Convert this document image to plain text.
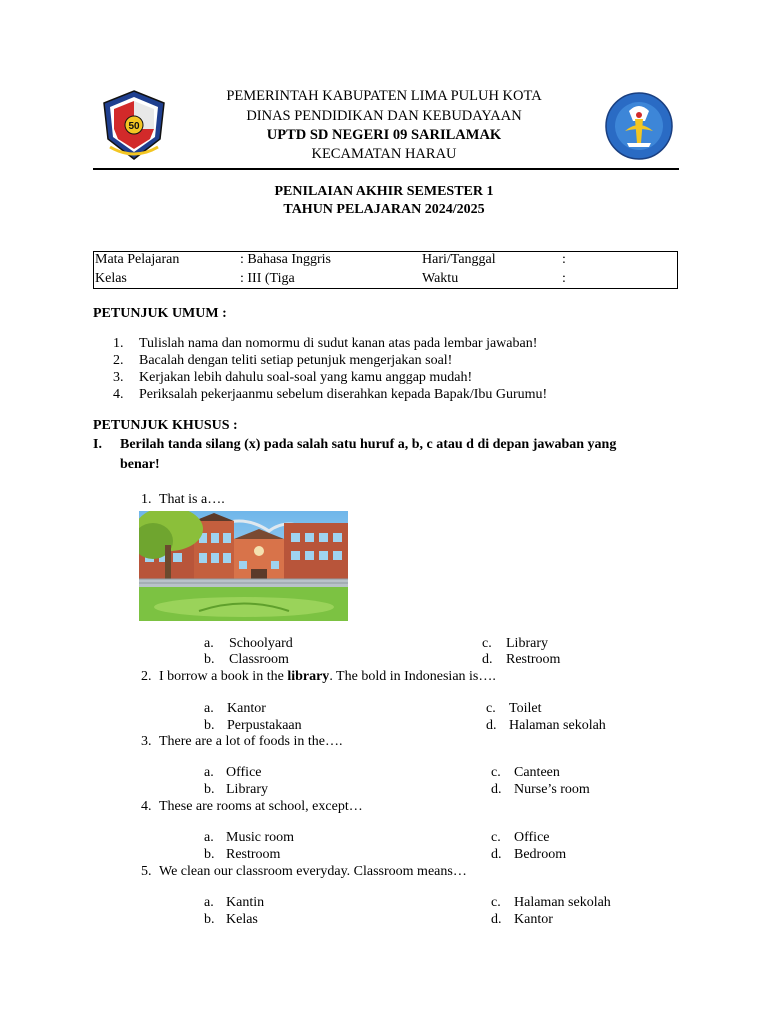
50
PEMERINTAH KABUPATEN LIMA PULUH KOTA
DINAS PENDIDIKAN DAN KEBUDAYAAN
UPTD SD NEGERI 09 SARILAMAK
KECAMATAN HARAU
PENILAIAN AKHIR SEMESTER 1
TAHUN PELAJARAN 2024/2025
Mata Pelajaran	: Bahasa Inggris	Hari/Tanggal	:
Kelas	: III (Tiga	Waktu	:
PETUNJUK UMUM :
1. Tulislah nama dan nomormu di sudut kanan atas pada lembar jawaban!
2. Bacalah dengan teliti setiap petunjuk mengerjakan soal!
3. Kerjakan lebih dahulu soal-soal yang kamu anggap mudah!
4. Periksalah pekerjaanmu sebelum diserahkan kepada Bapak/Ibu Gurumu!
PETUNJUK KHUSUS :
I. Berilah tanda silang (x) pada salah satu huruf a, b, c atau d di depan jawaban yang
benar!
1. That is a….
a. Schoolyard
b. Classroom
c. Library
d. Restroom
2. I borrow a book in the library. The bold in Indonesian is….
a. Kantor
b. Perpustakaan
c. Toilet
d. Halaman sekolah
3. There are a lot of foods in the….
a. Office
b. Library
c. Canteen
d. Nurse’s room
4. These are rooms at school, except…
a. Music room
b. Restroom
c. Office
d. Bedroom
5. We clean our classroom everyday. Classroom means…
a. Kantin
b. Kelas
c. Halaman sekolah
d. Kantor
